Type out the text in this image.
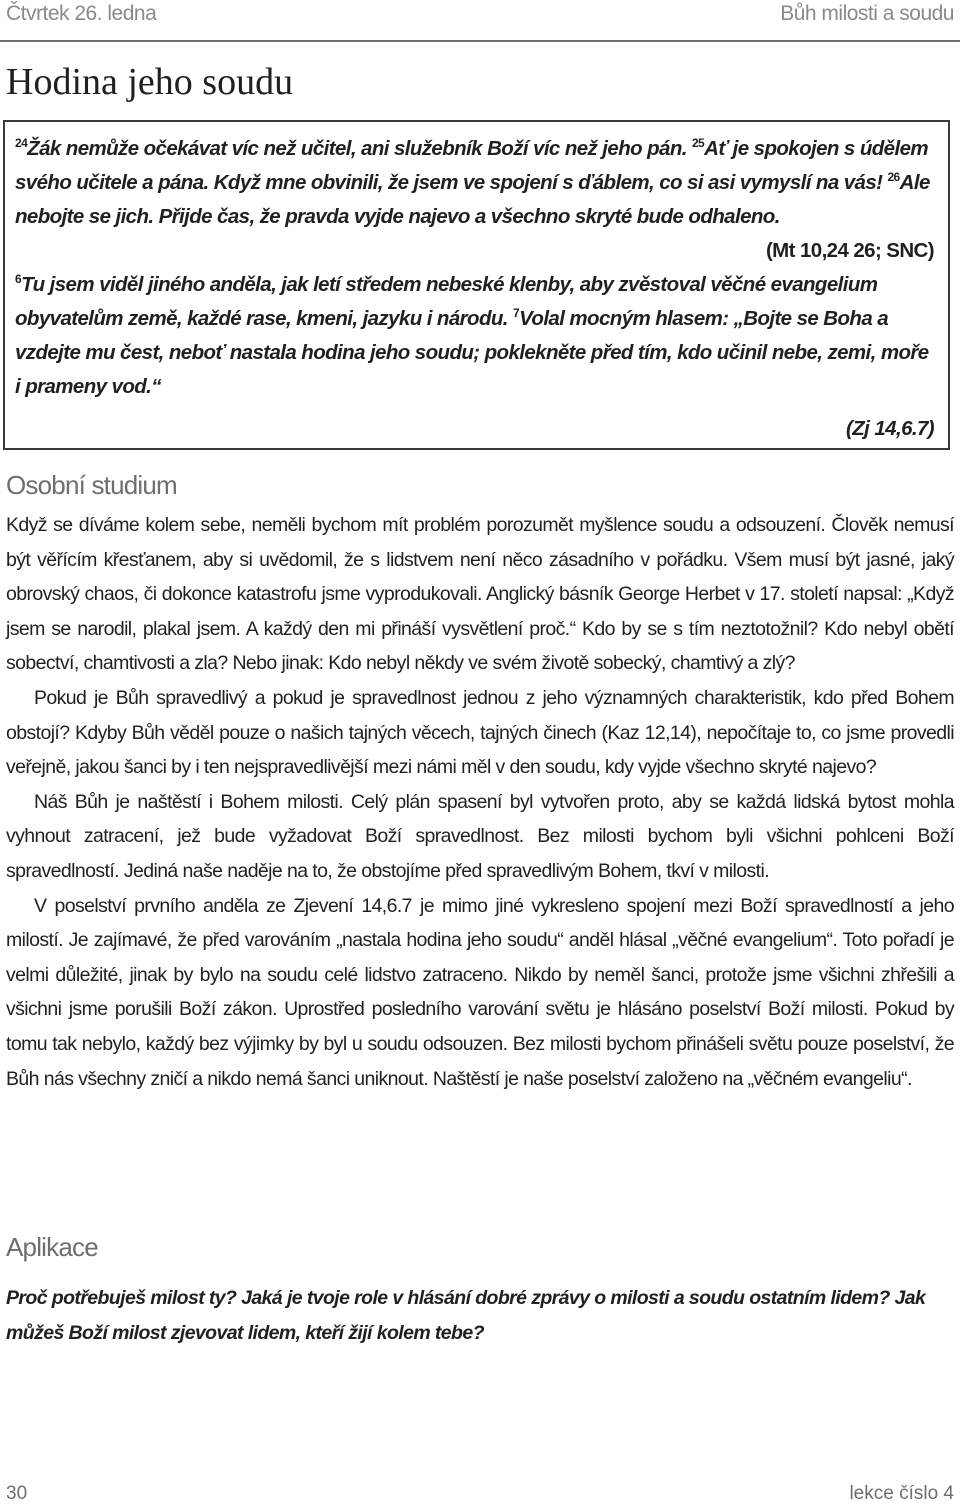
Čtvrtek 26. ledna	Bůh milosti a soudu
Hodina jeho soudu

$^{24}$Žák nemůže očekávat víc než učitel, ani služebník Boží víc než jeho pán. $^{25}$Ať je spokojen s údělem svého učitele a pána. Když mne obvinili, že jsem ve spojení s ďáblem, co si asi vymyslí na vás! $^{26}$Ale nebojte se jich. Přijde čas, že pravda vyjde najevo a všechno skryté bude odhaleno.

(Mt 10,24 26; SNC)

$^6$Tu jsem viděl jiného anděla, jak letí středem nebeské klenby, aby zvěstoval věčné evangelium obyvatelům země, každé rase, kmeni, jazyku i národu. $^7$Volal mocným hlasem: „Bojte se Boha a vzdejte mu čest, neboť nastala hodina jeho soudu; poklekněte před tím, kdo učinil nebe, zemi, moře i prameny vod.“

(Zj 14,6.7)

Osobní studium

Když se díváme kolem sebe, neměli bychom mít problém porozumět myšlence soudu a odsouzení. Člověk nemusí být věřícím křesťanem, aby si uvědomil, že s lidstvem není něco zásadního v pořádku. Všem musí být jasné, jaký obrovský chaos, či dokonce katastrofu jsme vyprodukovali. Anglický básník George Herbet v 17. století napsal: „Když jsem se narodil, plakal jsem. A každý den mi přináší vysvětlení proč.“ Kdo by se s tím neztotožnil? Kdo nebyl obětí sobectví, chamtivosti a zla? Nebo jinak: Kdo nebyl někdy ve svém životě sobecký, chamtivý a zlý?

Pokud je Bůh spravedlivý a pokud je spravedlnost jednou z jeho významných charakteristik, kdo před Bohem obstojí? Kdyby Bůh věděl pouze o našich tajných věcech, tajných činech (Kaz 12,14), nepočítaje to, co jsme provedli veřejně, jakou šanci by i ten nejspravedlivější mezi námi měl v den soudu, kdy vyjde všechno skryté najevo?

Náš Bůh je naštěstí i Bohem milosti. Celý plán spasení byl vytvořen proto, aby se každá lidská bytost mohla vyhnout zatracení, jež bude vyžadovat Boží spravedlnost. Bez milosti bychom byli všichni pohlceni Boží spravedlností. Jediná naše naděje na to, že obstojíme před spravedlivým Bohem, tkví v milosti.

V poselství prvního anděla ze Zjevení 14,6.7 je mimo jiné vykresleno spojení mezi Boží spravedlností a jeho milostí. Je zajímavé, že před varováním „nastala hodina jeho soudu“ anděl hlásal „věčné evangelium“. Toto pořadí je velmi důležité, jinak by bylo na soudu celé lidstvo zatraceno. Nikdo by neměl šanci, protože jsme všichni zhřešili a všichni jsme porušili Boží zákon. Uprostřed posledního varování světu je hlásáno poselství Boží milosti. Pokud by tomu tak nebylo, každý bez výjimky by byl u soudu odsouzen. Bez milosti bychom přinášeli světu pouze poselství, že Bůh nás všechny zničí a nikdo nemá šanci uniknout. Naštěstí je naše poselství založeno na „věčném evangeliu“.

Aplikace
Proč potřebuješ milost ty? Jaká je tvoje role v hlásání dobré zprávy o milosti a soudu ostatním lidem? Jak můžeš Boží milost zjevovat lidem, kteří žijí kolem tebe?
30	lekce číslo 4
